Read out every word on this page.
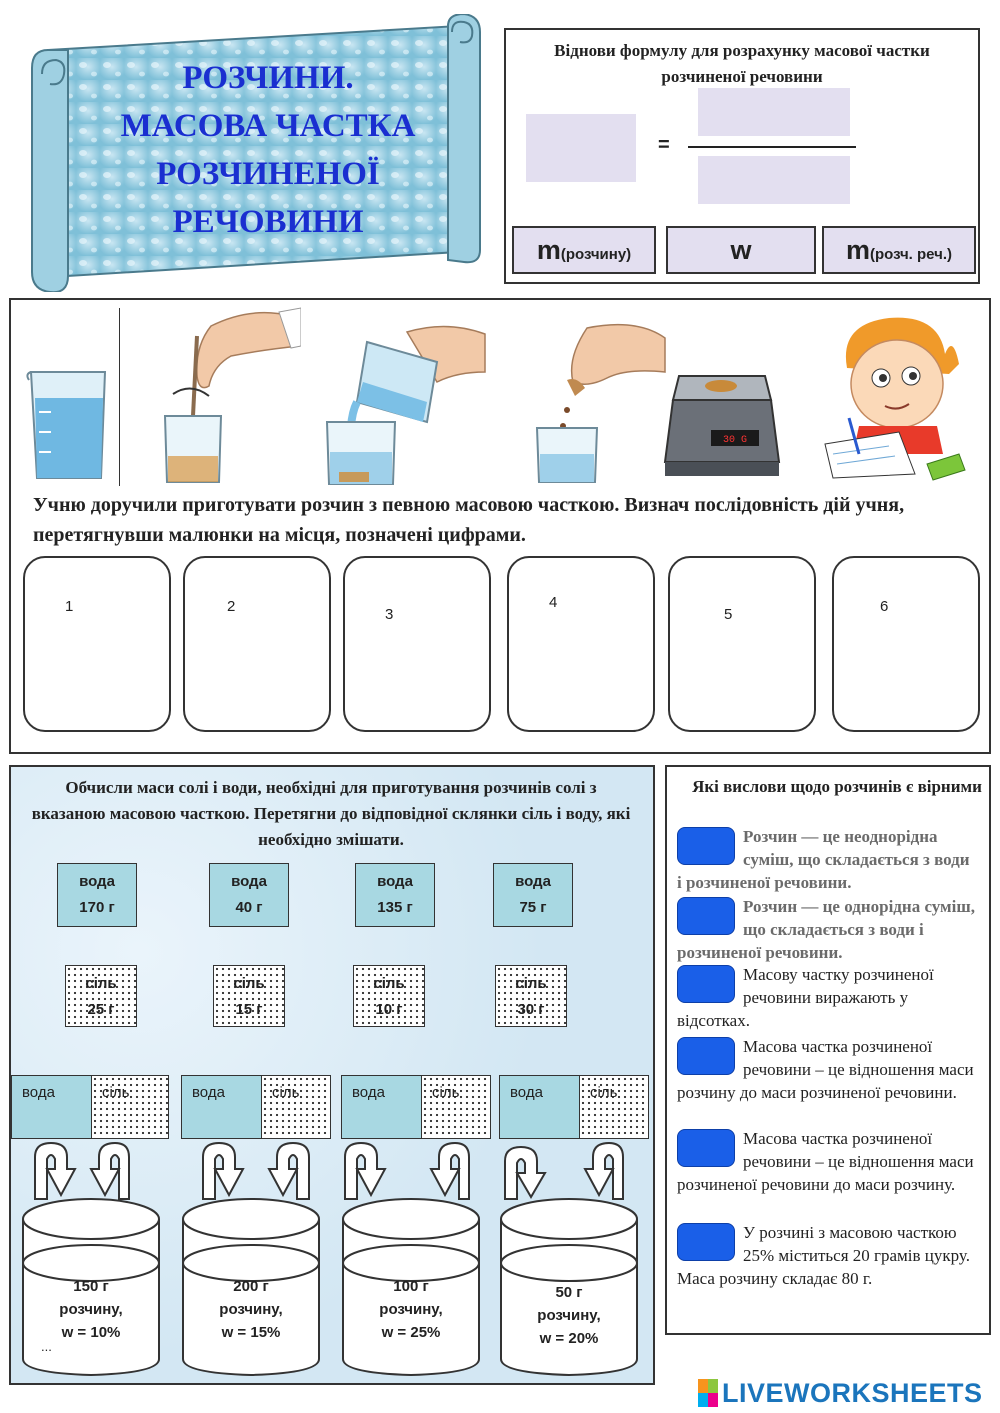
РОЗЧИНИ.
МАСОВА ЧАСТКА
РОЗЧИНЕНОЇ
РЕЧОВИНИ
Віднови формулу для розрахунку масової частки розчиненої речовини
=
m(розчину)	w	m(розч. реч.)
30 G
Учню доручили приготувати розчин з певною масовою часткою. Визнач послідовність дій учня, перетягнувши малюнки на місця, позначені цифрами.
1	2	3
4
5	6
Обчисли маси солі і води, необхідні для приготування розчинів солі з вказаною масовою часткою. Перетягни до відповідної склянки сіль і воду, які необхідно змішати.
вода
170 г
вода
40 г
вода
135 г
вода
75 г
сіль
25 г
сіль
15 г
сіль
10 г
сіль
30 г
вода	сіль	вода	сіль	вода	сіль	вода	сіль
150 г
розчину,
w = 10%
...
200 г
розчину,
w = 15%
100 г
розчину,
w = 25%
50 г
розчину,
w = 20%
Які вислови щодо розчинів є вірними
Розчин — це неоднорідна суміш, що складається з води і розчиненої речовини.
Розчин — це однорідна суміш, що складається з води і розчиненої речовини.
Масову частку розчиненої речовини виражають у відсотках.
Масова частка розчиненої речовини – це відношення маси розчину до маси розчиненої речовини.
Масова частка розчиненої речовини – це відношення маси розчиненої речовини до маси розчину.
У розчині з масовою часткою 25% міститься 20 грамів цукру. Маса розчину складає 80 г.
LIVEWORKSHEETS
